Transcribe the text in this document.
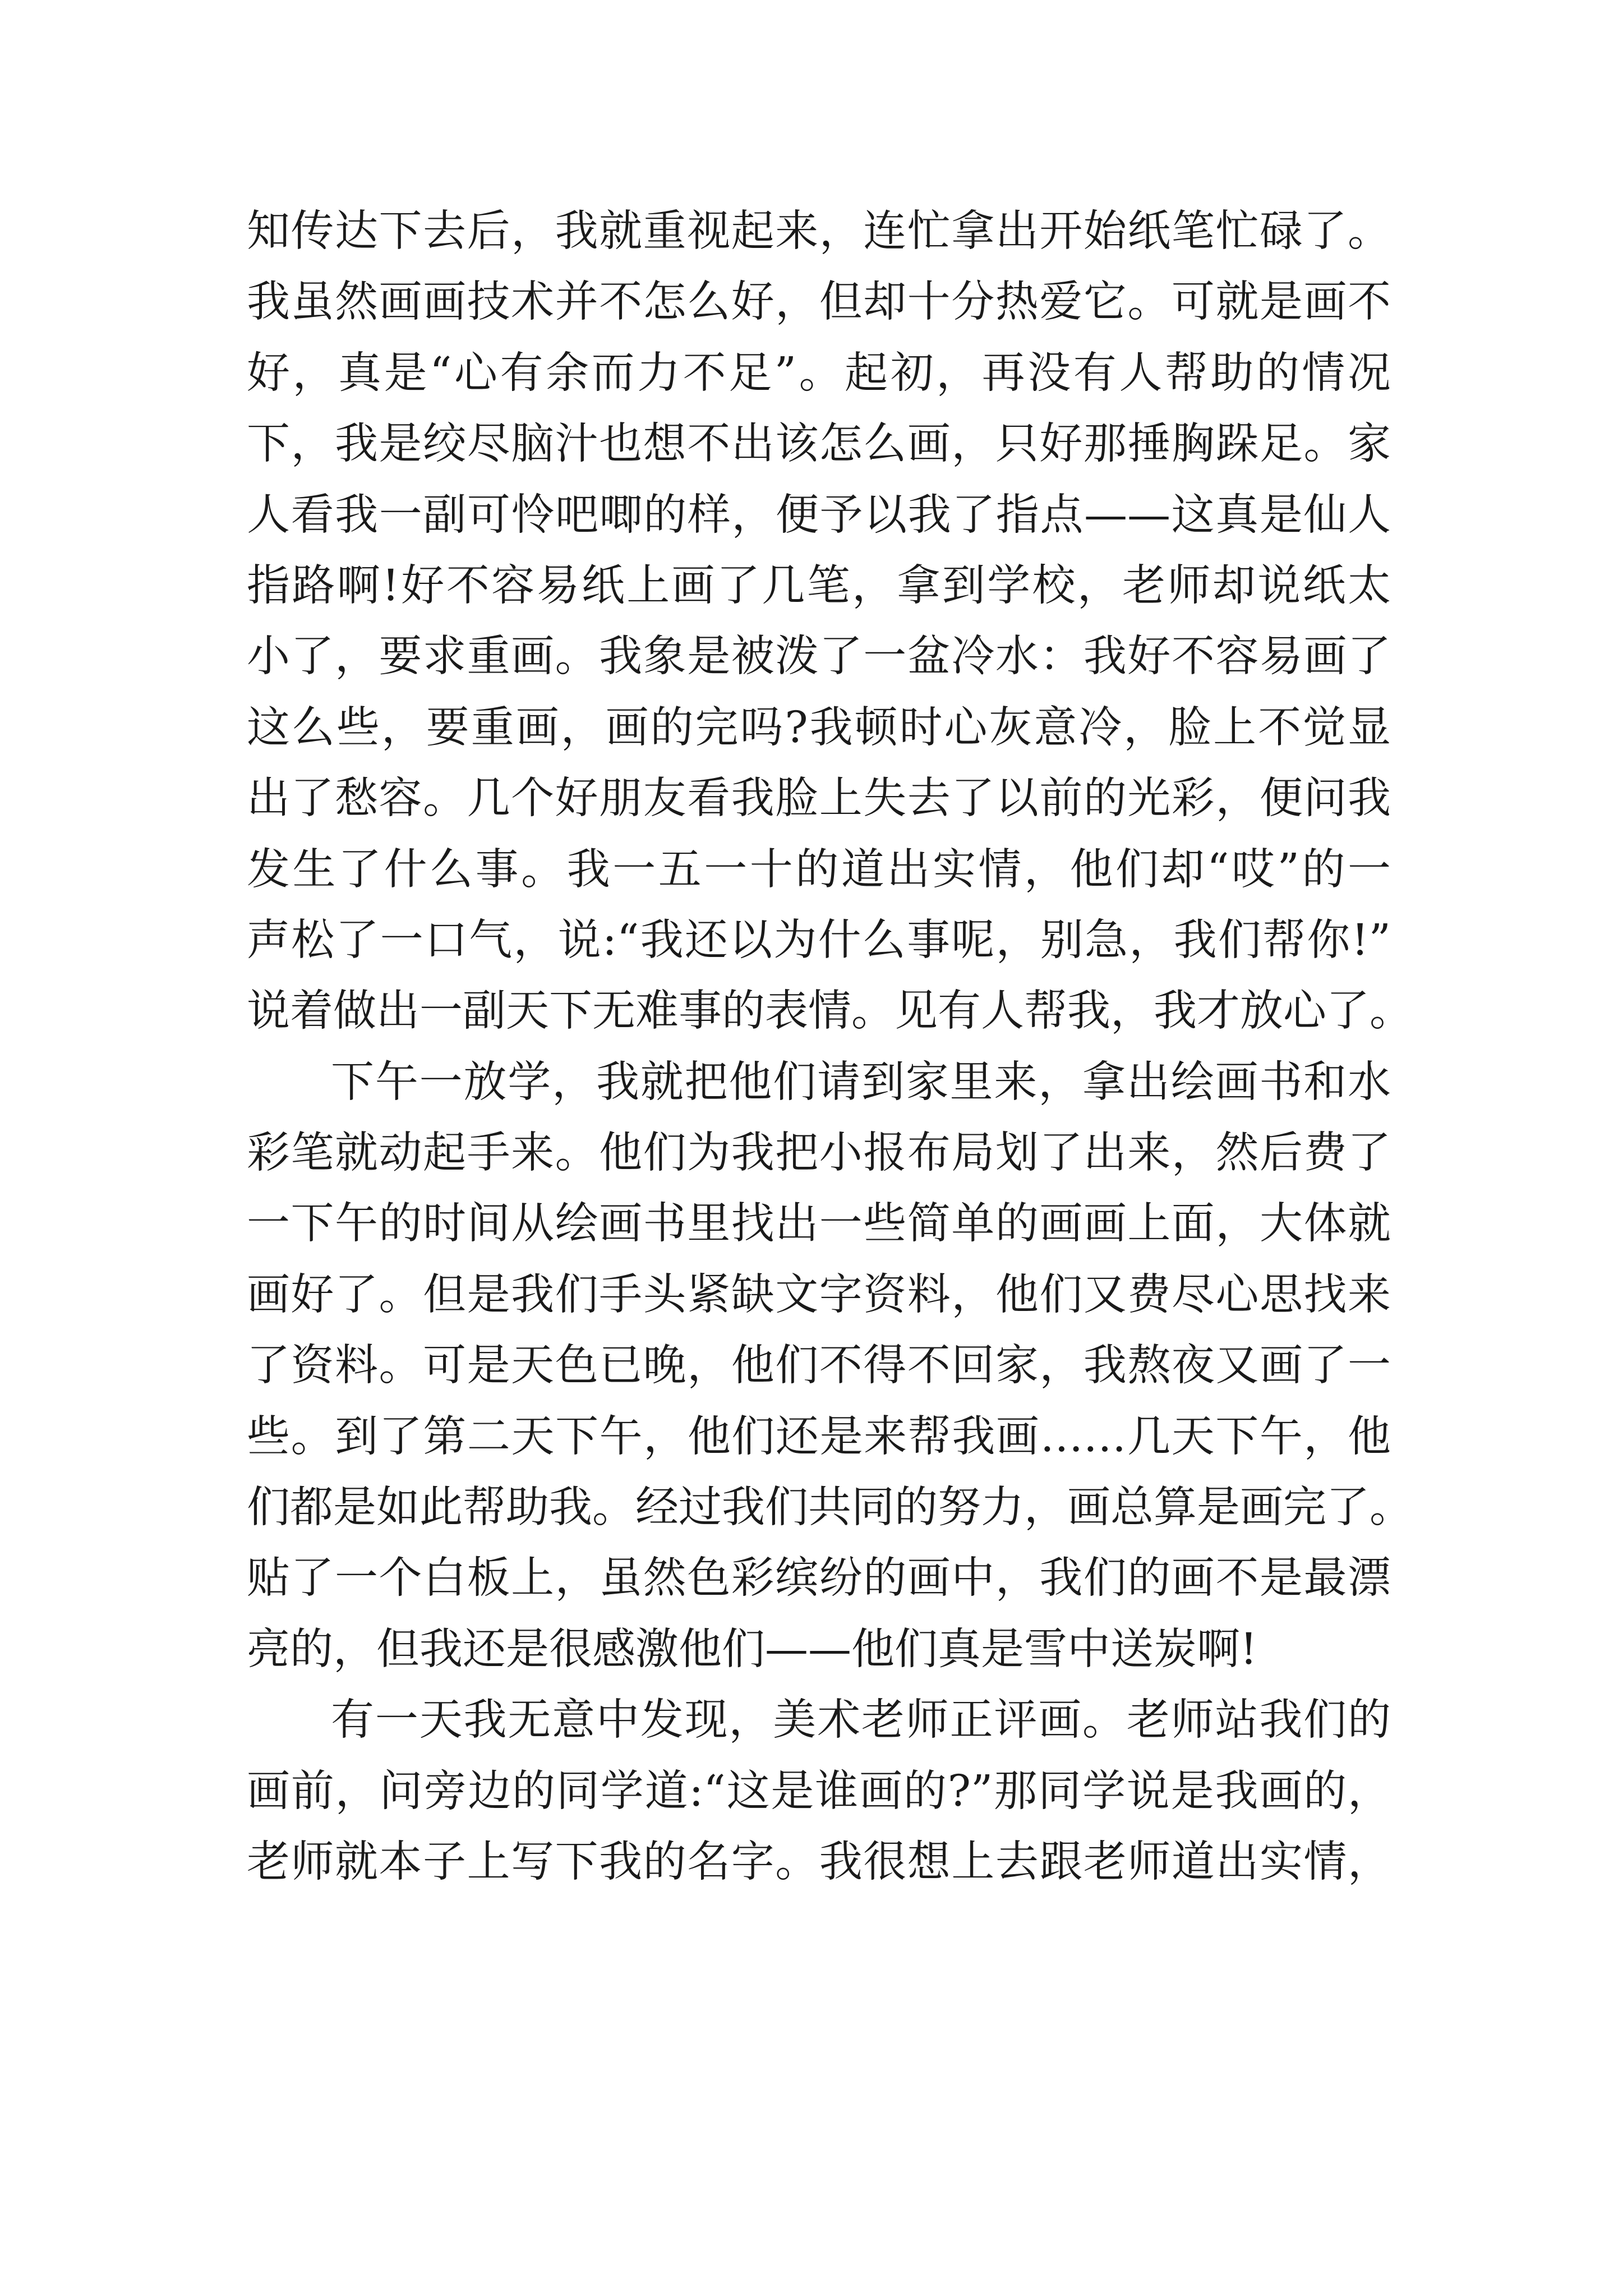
知传达下去后，我就重视起来，连忙拿出开始纸笔忙碌了。
我虽然画画技术并不怎么好，但却十分热爱它。可就是画不
好，真是“心有余而力不足”。起初，再没有人帮助的情况
下，我是绞尽脑汁也想不出该怎么画，只好那捶胸跺足。家
人看我一副可怜吧唧的样，便予以我了指点——这真是仙人
指路啊!好不容易纸上画了几笔，拿到学校，老师却说纸太
小了，要求重画。我象是被泼了一盆冷水：我好不容易画了
这么些，要重画，画的完吗?我顿时心灰意冷，脸上不觉显
出了愁容。几个好朋友看我脸上失去了以前的光彩，便问我
发生了什么事。我一五一十的道出实情，他们却“哎”的一
声松了一口气，说:“我还以为什么事呢，别急，我们帮你!”
说着做出一副天下无难事的表情。见有人帮我，我才放心了。
下午一放学，我就把他们请到家里来，拿出绘画书和水
彩笔就动起手来。他们为我把小报布局划了出来，然后费了
一下午的时间从绘画书里找出一些简单的画画上面，大体就
画好了。但是我们手头紧缺文字资料，他们又费尽心思找来
了资料。可是天色已晚，他们不得不回家，我熬夜又画了一
些。到了第二天下午，他们还是来帮我画……几天下午，他
们都是如此帮助我。经过我们共同的努力，画总算是画完了。
贴了一个白板上，虽然色彩缤纷的画中，我们的画不是最漂
亮的，但我还是很感激他们——他们真是雪中送炭啊!
有一天我无意中发现，美术老师正评画。老师站我们的
画前，问旁边的同学道:“这是谁画的?”那同学说是我画的，
老师就本子上写下我的名字。我很想上去跟老师道出实情，
